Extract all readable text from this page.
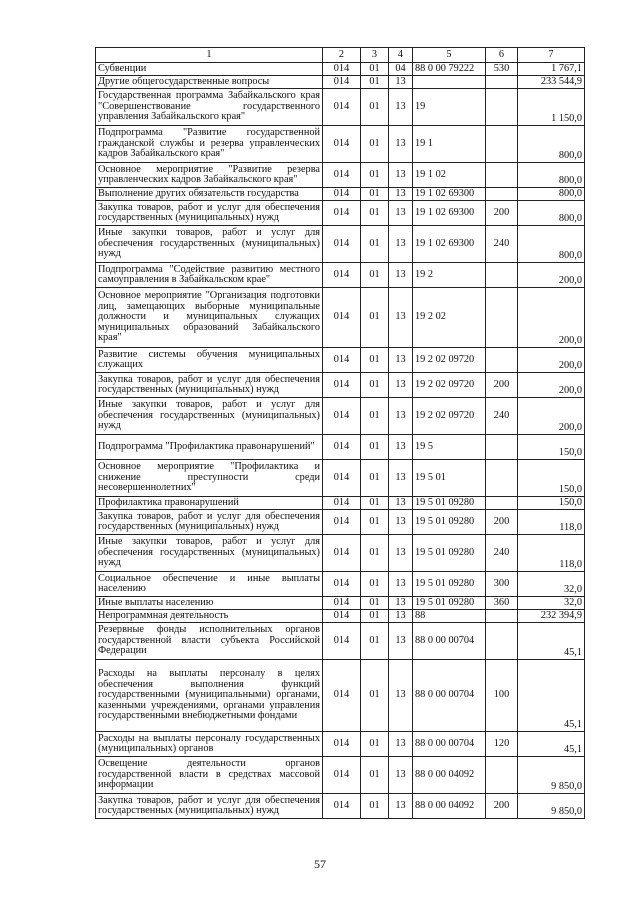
1	2	3	4	5	6	7
Субвенции	014	01	04	88 0 00 79222	530	1 767,1
Другие общегосударственные вопросы	014	01	13			233 544,9
Государственная программа Забайкальского края "Совершенствование государственного управления Забайкальского края"	014	01	13	19		1 150,0
Подпрограмма "Развитие государственной гражданской службы и резерва управленческих кадров Забайкальского края"	014	01	13	19 1		800,0
Основное мероприятие "Развитие резерва управленческих кадров Забайкальского края"	014	01	13	19 1 02		800,0
Выполнение других обязательств государства	014	01	13	19 1 02 69300		800,0
Закупка товаров, работ и услуг для обеспечения государственных (муниципальных) нужд	014	01	13	19 1 02 69300	200	800,0
Иные закупки товаров, работ и услуг для обеспечения государственных (муниципальных) нужд	014	01	13	19 1 02 69300	240	800,0
Подпрограмма "Содействие развитию местного самоуправления в Забайкальском крае"	014	01	13	19 2		200,0
Основное мероприятие "Организация подготовки лиц, замещающих выборные муниципальные должности и муниципальных служащих муниципальных образований Забайкальского края"	014	01	13	19 2 02		200,0
Развитие системы обучения муниципальных служащих	014	01	13	19 2 02 09720		200,0
Закупка товаров, работ и услуг для обеспечения государственных (муниципальных) нужд	014	01	13	19 2 02 09720	200	200,0
Иные закупки товаров, работ и услуг для обеспечения государственных (муниципальных) нужд	014	01	13	19 2 02 09720	240	200,0
Подпрограмма "Профилактика правонарушений"	014	01	13	19 5		150,0
Основное мероприятие "Профилактика и снижение преступности среди несовершеннолетних"	014	01	13	19 5 01		150,0
Профилактика правонарушений	014	01	13	19 5 01 09280		150,0
Закупка товаров, работ и услуг для обеспечения государственных (муниципальных) нужд	014	01	13	19 5 01 09280	200	118,0
Иные закупки товаров, работ и услуг для обеспечения государственных (муниципальных) нужд	014	01	13	19 5 01 09280	240	118,0
Социальное обеспечение и иные выплаты населению	014	01	13	19 5 01 09280	300	32,0
Иные выплаты населению	014	01	13	19 5 01 09280	360	32,0
Непрограммная деятельность	014	01	13	88		232 394,9
Резервные фонды исполнительных органов государственной власти субъекта Российской Федерации	014	01	13	88 0 00 00704		45,1
Расходы на выплаты персоналу в целях обеспечения выполнения функций государственными (муниципальными) органами, казенными учреждениями, органами управления государственными внебюджетными фондами	014	01	13	88 0 00 00704	100	45,1
Расходы на выплаты персоналу государственных (муниципальных) органов	014	01	13	88 0 00 00704	120	45,1
Освещение деятельности органов государственной власти в средствах массовой информации	014	01	13	88 0 00 04092		9 850,0
Закупка товаров, работ и услуг для обеспечения государственных (муниципальных) нужд	014	01	13	88 0 00 04092	200	9 850,0
57
